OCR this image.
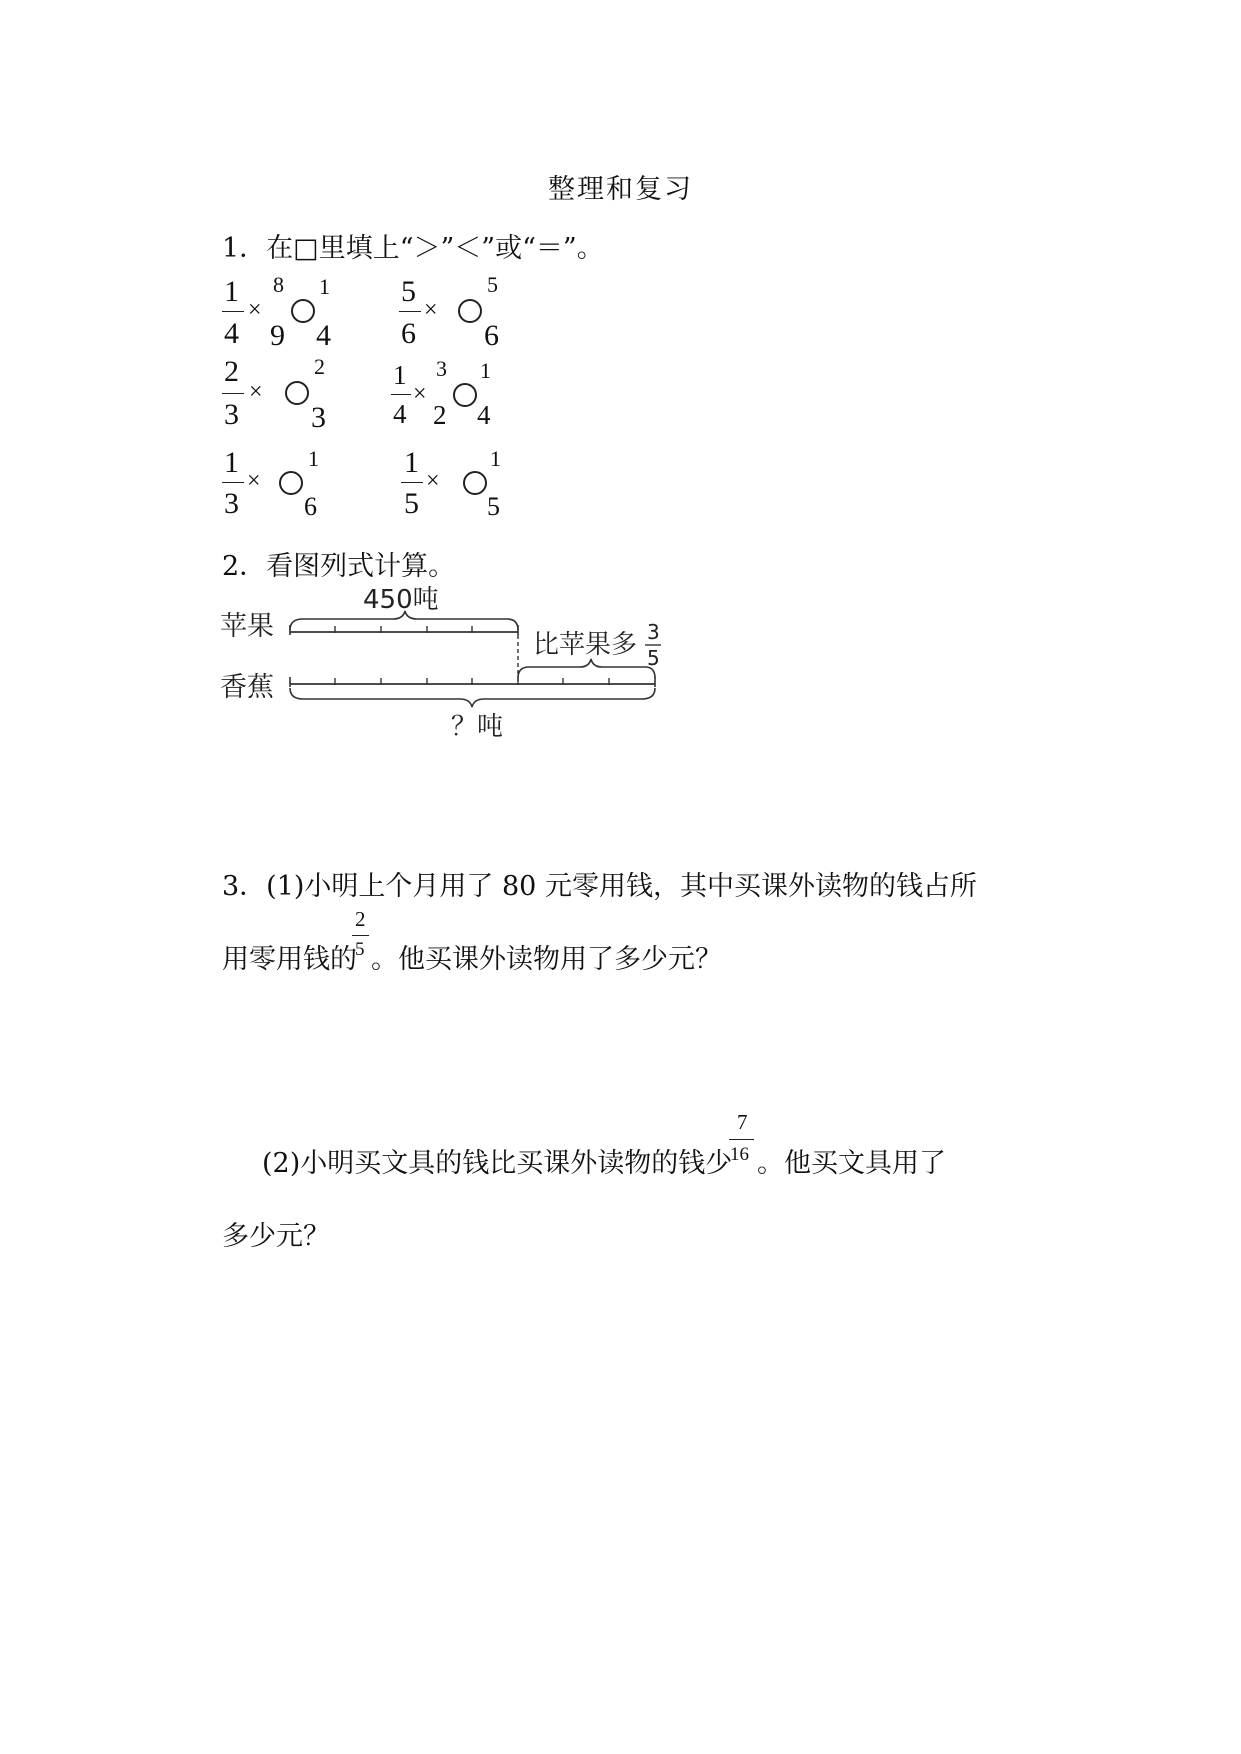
整理和复习
1．在□里填上“＞”＜”或“＝”。
1
4
×
8
9
1
4
5
6
×
5
6
2
3
×
2
3
1
4
×
3
2
1
4
1
3
×
1
6
1
5
×
1
5
2．看图列式计算。
苹果
香蕉
450吨
比苹果多 3
5
？吨
3．(1)小明上个月用了 80 元零用钱，其中买课外读物的钱占所
用零用钱的
2
5 。他买课外读物用了多少元？
(2)小明买文具的钱比买课外读物的钱少
7
16 。他买文具用了
多少元？
